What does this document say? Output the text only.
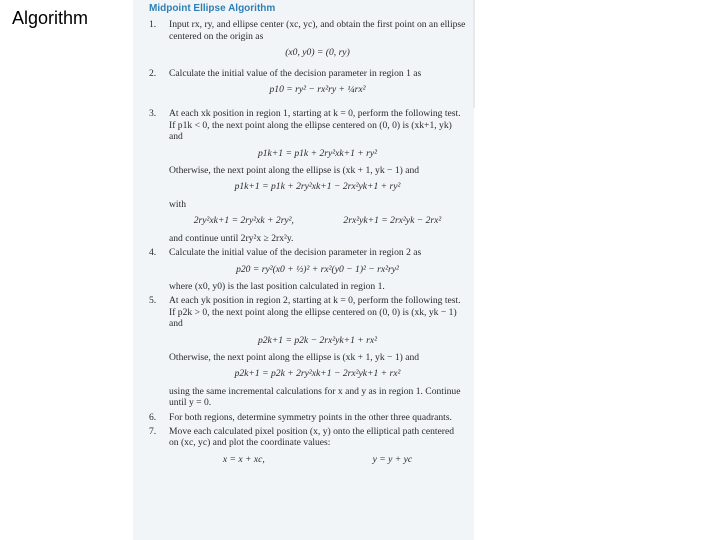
Algorithm	Midpoint Ellipse Algorithm
1.	Input rx, ry, and ellipse center (xc, yc), and obtain the first point on an ellipse centered on the origin as
(x0, y0) = (0, ry)
2.	Calculate the initial value of the decision parameter in region 1 as
p10 = ry² − rx²ry + ¼rx²
3.	At each xk position in region 1, starting at k = 0, perform the following test. If p1k < 0, the next point along the ellipse centered on (0, 0) is (xk+1, yk) and
p1k+1 = p1k + 2ry²xk+1 + ry²
Otherwise, the next point along the ellipse is (xk + 1, yk − 1) and
p1k+1 = p1k + 2ry²xk+1 − 2rx²yk+1 + ry²
with
2ry²xk+1 = 2ry²xk + 2ry²,	2rx²yk+1 = 2rx²yk − 2rx²
and continue until 2ry²x ≥ 2rx²y.
4.	Calculate the initial value of the decision parameter in region 2 as
p20 = ry²(x0 + ½)² + rx²(y0 − 1)² − rx²ry²
where (x0, y0) is the last position calculated in region 1.
5.	At each yk position in region 2, starting at k = 0, perform the following test. If p2k > 0, the next point along the ellipse centered on (0, 0) is (xk, yk − 1) and
p2k+1 = p2k − 2rx²yk+1 + rx²
Otherwise, the next point along the ellipse is (xk + 1, yk − 1) and
p2k+1 = p2k + 2ry²xk+1 − 2rx²yk+1 + rx²
using the same incremental calculations for x and y as in region 1. Continue until y = 0.
6.	For both regions, determine symmetry points in the other three quadrants.
7.	Move each calculated pixel position (x, y) onto the elliptical path centered on (xc, yc) and plot the coordinate values:
x = x + xc,	y = y + yc
